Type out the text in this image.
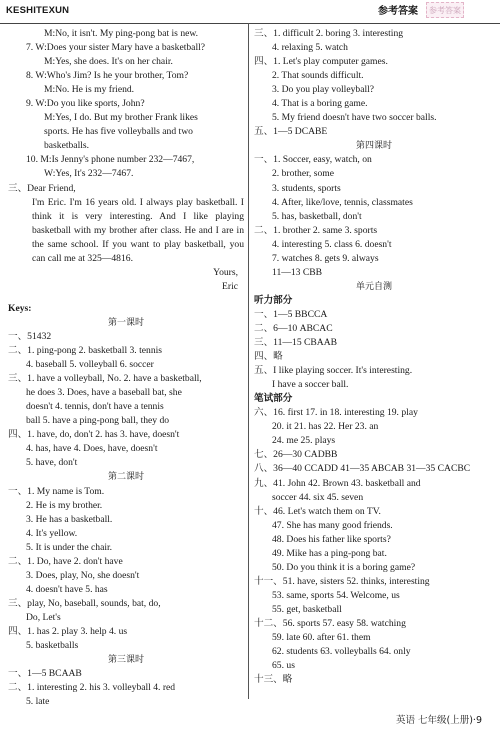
KESHITEXUN	参考答案	参考答案
M:No, it isn't. My ping-pong bat is new.
7. W:Does your sister Mary have a basketball?
M:Yes, she does. It's on her chair.
8. W:Who's Jim? Is he your brother, Tom?
M:No. He is my friend.
9. W:Do you like sports, John?
M:Yes, I do. But my brother Frank likes
sports. He has five volleyballs and two
basketballs.
10. M:Is Jenny's phone number 232—7467,
W:Yes, It's 232—7467.
三、Dear Friend,
I'm Eric. I'm 16 years old. I always play basketball. I think it is very interesting. And I like playing basketball with my brother after class. He and I are in the same school. If you want to play basketball, you can call me at 325—4816.
Yours,
Eric
Keys:
第一课时
一、51432
二、1. ping-pong 2. basketball 3. tennis
4. baseball 5. volleyball 6. soccer
三、1. have a volleyball, No. 2. have a basketball,
he does 3. Does, have a baseball bat, she
doesn't 4. tennis, don't have a tennis
ball 5. have a ping-pong ball, they do
四、1. have, do, don't 2. has 3. have, doesn't
4. has, have 4. Does, have, doesn't
5. have, don't
第二课时
一、1. My name is Tom.
2. He is my brother.
3. He has a basketball.
4. It's yellow.
5. It is under the chair.
二、1. Do, have 2. don't have
3. Does, play, No, she doesn't
4. doesn't have 5. has
三、play, No, baseball, sounds, bat, do,
Do, Let's
四、1. has 2. play 3. help 4. us
5. basketballs
第三课时
一、1—5 BCAAB
二、1. interesting 2. his 3. volleyball 4. red
5. late
三、1. difficult 2. boring 3. interesting
4. relaxing 5. watch
四、1. Let's play computer games.
2. That sounds difficult.
3. Do you play volleyball?
4. That is a boring game.
5. My friend doesn't have two soccer balls.
五、1—5 DCABE
第四课时
一、1. Soccer, easy, watch, on
2. brother, some
3. students, sports
4. After, like/love, tennis, classmates
5. has, basketball, don't
二、1. brother 2. same 3. sports
4. interesting 5. class 6. doesn't
7. watches 8. gets 9. always
11—13 CBB
单元自测
听力部分
一、1—5 BBCCA
二、6—10 ABCAC
三、11—15 CBAAB
四、略
五、I like playing soccer. It's interesting.
I have a soccer ball.
笔试部分
六、16. first 17. in 18. interesting 19. play
20. it 21. has 22. Her 23. an
24. me 25. plays
七、26—30 CADBB
八、36—40 CCADD 41—35 ABCAB 31—35 CACBC
九、41. John 42. Brown 43. basketball and
soccer 44. six 45. seven
十、46. Let's watch them on TV.
47. She has many good friends.
48. Does his father like sports?
49. Mike has a ping-pong bat.
50. Do you think it is a boring game?
十一、51. have, sisters 52. thinks, interesting
53. same, sports 54. Welcome, us
55. get, basketball
十二、56. sports 57. easy 58. watching
59. late 60. after 61. them
62. students 63. volleyballs 64. only
65. us
十三、略
英语 七年级(上册)·9
